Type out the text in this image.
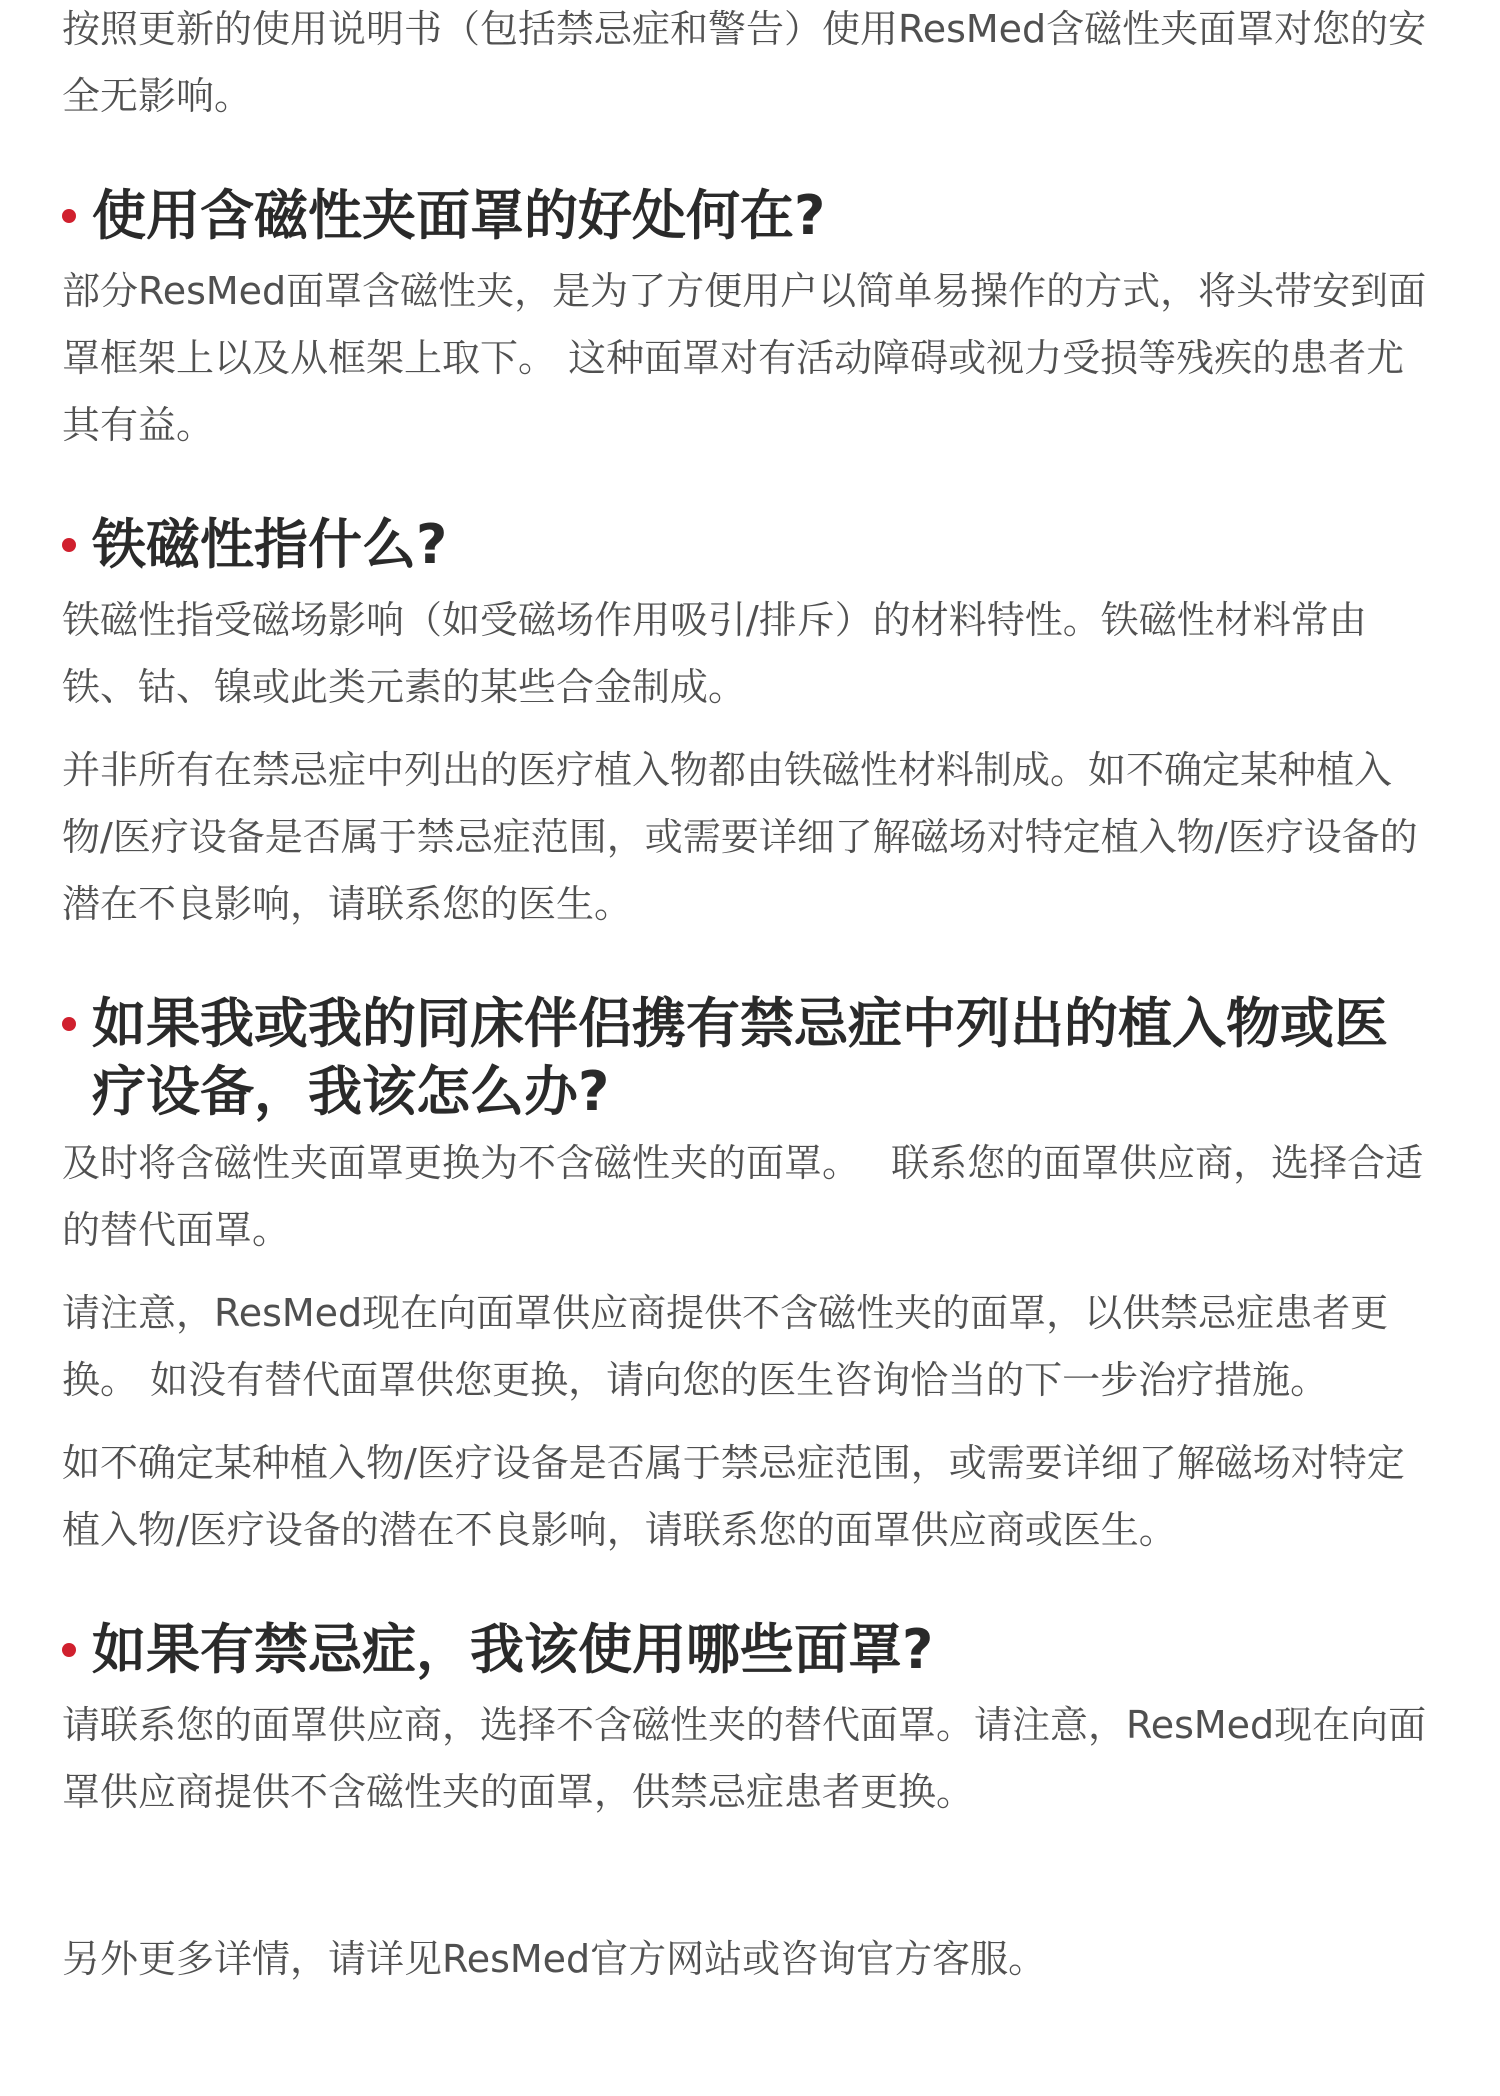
按照更新的使用说明书（包括禁忌症和警告）使用ResMed含磁性夹面罩对您的安全无影响。

使用含磁性夹面罩的好处何在?

部分ResMed面罩含磁性夹，是为了方便用户以简单易操作的方式，将头带安到面罩框架上以及从框架上取下。 这种面罩对有活动障碍或视力受损等残疾的患者尤其有益。

铁磁性指什么?

铁磁性指受磁场影响（如受磁场作用吸引/排斥）的材料特性。铁磁性材料常由铁、钴、镍或此类元素的某些合金制成。

并非所有在禁忌症中列出的医疗植入物都由铁磁性材料制成。如不确定某种植入物/医疗设备是否属于禁忌症范围，或需要详细了解磁场对特定植入物/医疗设备的潜在不良影响，请联系您的医生。

如果我或我的同床伴侣携有禁忌症中列出的植入物或医疗设备，我该怎么办?

及时将含磁性夹面罩更换为不含磁性夹的面罩。　 联系您的面罩供应商，选择合适的替代面罩。

请注意，ResMed现在向面罩供应商提供不含磁性夹的面罩，以供禁忌症患者更换。 如没有替代面罩供您更换，请向您的医生咨询恰当的下一步治疗措施。

如不确定某种植入物/医疗设备是否属于禁忌症范围，或需要详细了解磁场对特定植入物/医疗设备的潜在不良影响，请联系您的面罩供应商或医生。

如果有禁忌症，我该使用哪些面罩?

请联系您的面罩供应商，选择不含磁性夹的替代面罩。请注意，ResMed现在向面罩供应商提供不含磁性夹的面罩，供禁忌症患者更换。

另外更多详情，请详见ResMed官方网站或咨询官方客服。
